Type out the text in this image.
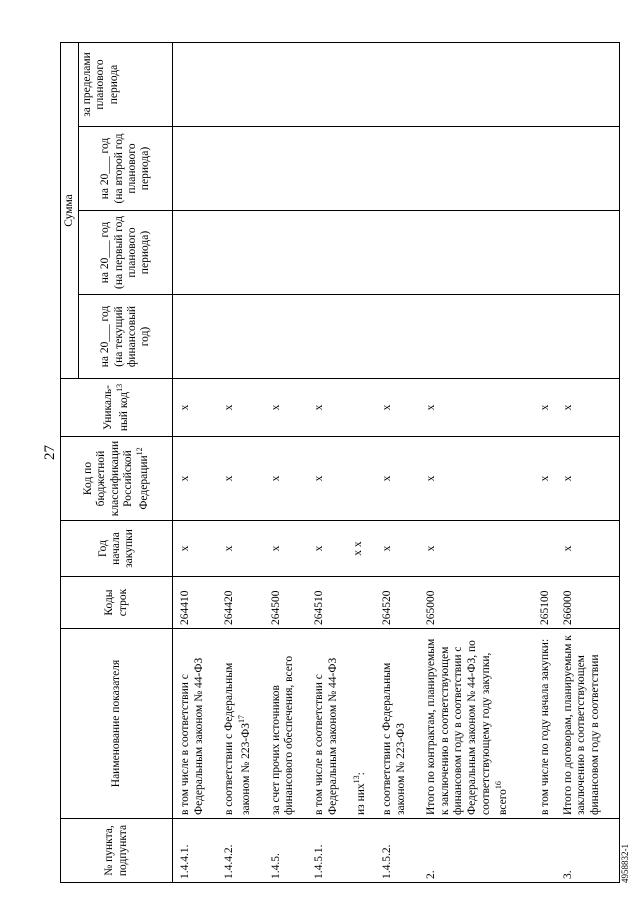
27
№ пункта, подпункта	Наименование показателя	Коды строк	Год начала закупки	Код по бюджетной классификации Российской Федерации$^{12}$	Уникаль-ный код$^{13}$	Сумма			
						на 20___ год (на текущий финансовый год)	на 20___ год (на первый год планового периода)	на 20___ год (на второй год планового периода)	за пределами планового периода

1.4.4.1.	в том числе в соответствии с Федеральным законом № 44-ФЗ	264410	x	x	x				
1.4.4.2.	в соответствии с Федеральным законом № 223-ФЗ$^{17}$	264420	x	x	x				
1.4.5.	за счет прочих источников финансового обеспечения, всего	264500	x	x	x				
1.4.5.1.	в том числе в соответствии с Федеральным законом № 44-ФЗ	264510	x	x	x				
	из них$^{13}$:		x x						
1.4.5.2.	в соответствии с Федеральным законом № 223-ФЗ	264520	x	x	x				
2.	Итого по контрактам, планируемым к заключению в соответствующем финансовом году в соответствии с Федеральным законом № 44-ФЗ, по соответствующему году закупки, всего$^{16}$	265000	x	x	x				
	в том числе по году начала закупки:	265100		x	x				
3.	Итого по договорам, планируемым к заключению в соответствующем финансовом году в соответствии	266000	x	x	x				
4958832-1
